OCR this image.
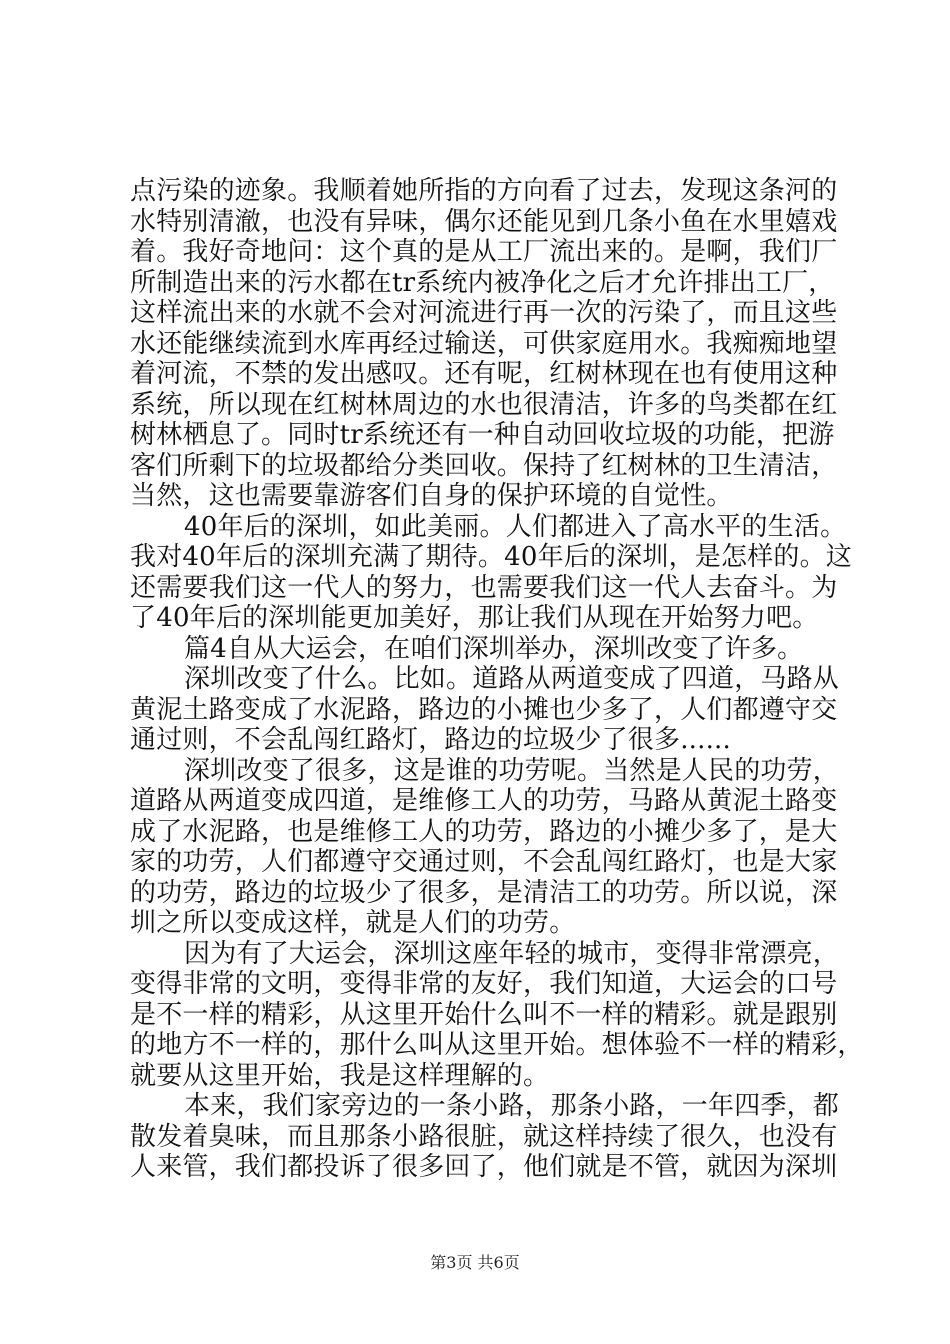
点污染的迹象。我顺着她所指的方向看了过去，发现这条河的
水特别清澈，也没有异味，偶尔还能见到几条小鱼在水里嬉戏
着。我好奇地问：这个真的是从工厂流出来的。是啊，我们厂
所制造出来的污水都在tr系统内被净化之后才允许排出工厂，
这样流出来的水就不会对河流进行再一次的污染了，而且这些
水还能继续流到水库再经过输送，可供家庭用水。我痴痴地望
着河流，不禁的发出感叹。还有呢，红树林现在也有使用这种
系统，所以现在红树林周边的水也很清洁，许多的鸟类都在红
树林栖息了。同时tr系统还有一种自动回收垃圾的功能，把游
客们所剩下的垃圾都给分类回收。保持了红树林的卫生清洁，
当然，这也需要靠游客们自身的保护环境的自觉性。
40年后的深圳，如此美丽。人们都进入了高水平的生活。
我对40年后的深圳充满了期待。40年后的深圳，是怎样的。这
还需要我们这一代人的努力，也需要我们这一代人去奋斗。为
了40年后的深圳能更加美好，那让我们从现在开始努力吧。
篇4自从大运会，在咱们深圳举办，深圳改变了许多。
深圳改变了什么。比如。道路从两道变成了四道，马路从
黄泥土路变成了水泥路，路边的小摊也少多了，人们都遵守交
通过则，不会乱闯红路灯，路边的垃圾少了很多......
深圳改变了很多，这是谁的功劳呢。当然是人民的功劳，
道路从两道变成四道，是维修工人的功劳，马路从黄泥土路变
成了水泥路，也是维修工人的功劳，路边的小摊少多了，是大
家的功劳，人们都遵守交通过则，不会乱闯红路灯，也是大家
的功劳，路边的垃圾少了很多，是清洁工的功劳。所以说，深
圳之所以变成这样，就是人们的功劳。
因为有了大运会，深圳这座年轻的城市，变得非常漂亮，
变得非常的文明，变得非常的友好，我们知道，大运会的口号
是不一样的精彩，从这里开始什么叫不一样的精彩。就是跟别
的地方不一样的，那什么叫从这里开始。想体验不一样的精彩，
就要从这里开始，我是这样理解的。
本来，我们家旁边的一条小路，那条小路，一年四季，都
散发着臭味，而且那条小路很脏，就这样持续了很久，也没有
人来管，我们都投诉了很多回了，他们就是不管，就因为深圳
第3页 共6页
